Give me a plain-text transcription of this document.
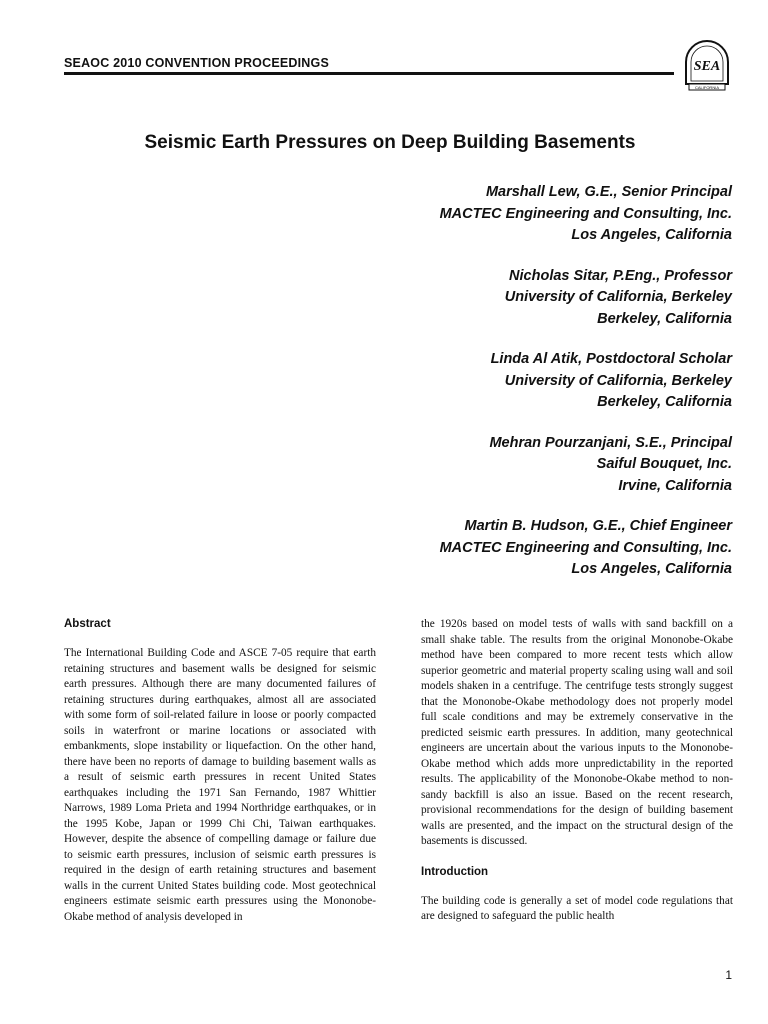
SEAOC 2010 CONVENTION PROCEEDINGS	SEA
CALIFORNIA
Seismic Earth Pressures on Deep Building Basements
Marshall Lew, G.E., Senior Principal
MACTEC Engineering and Consulting, Inc.
Los Angeles, California
Nicholas Sitar, P.Eng., Professor
University of California, Berkeley
Berkeley, California
Linda Al Atik, Postdoctoral Scholar
University of California, Berkeley
Berkeley, California
Mehran Pourzanjani, S.E., Principal
Saiful Bouquet, Inc.
Irvine, California
Martin B. Hudson, G.E., Chief Engineer
MACTEC Engineering and Consulting, Inc.
Los Angeles, California
Abstract

The International Building Code and ASCE 7-05 require that earth retaining structures and basement walls be designed for seismic earth pressures. Although there are many documented failures of retaining structures during earthquakes, almost all are associated with some form of soil-related failure in loose or poorly compacted soils in waterfront or marine locations or associated with embankments, slope instability or liquefaction. On the other hand, there have been no reports of damage to building basement walls as a result of seismic earth pressures in recent United States earthquakes including the 1971 San Fernando, 1987 Whittier Narrows, 1989 Loma Prieta and 1994 Northridge earthquakes, or in the 1995 Kobe, Japan or 1999 Chi Chi, Taiwan earthquakes. However, despite the absence of compelling damage or failure due to seismic earth pressures, inclusion of seismic earth pressures is required in the design of earth retaining structures and basement walls in the current United States building code. Most geotechnical engineers estimate seismic earth pressures using the Mononobe-Okabe method of analysis developed in

the 1920s based on model tests of walls with sand backfill on a small shake table. The results from the original Mononobe-Okabe method have been compared to more recent tests which allow superior geometric and material property scaling using wall and soil models shaken in a centrifuge. The centrifuge tests strongly suggest that the Mononobe-Okabe methodology does not properly model full scale conditions and may be extremely conservative in the predicted seismic earth pressures. In addition, many geotechnical engineers are uncertain about the various inputs to the Mononobe-Okabe method which adds more unpredictability in the reported results. The applicability of the Mononobe-Okabe method to non-sandy backfill is also an issue. Based on the recent research, provisional recommendations for the design of building basement walls are presented, and the impact on the structural design of the basements is discussed.

Introduction

The building code is generally a set of model code regulations that are designed to safeguard the public health

1
